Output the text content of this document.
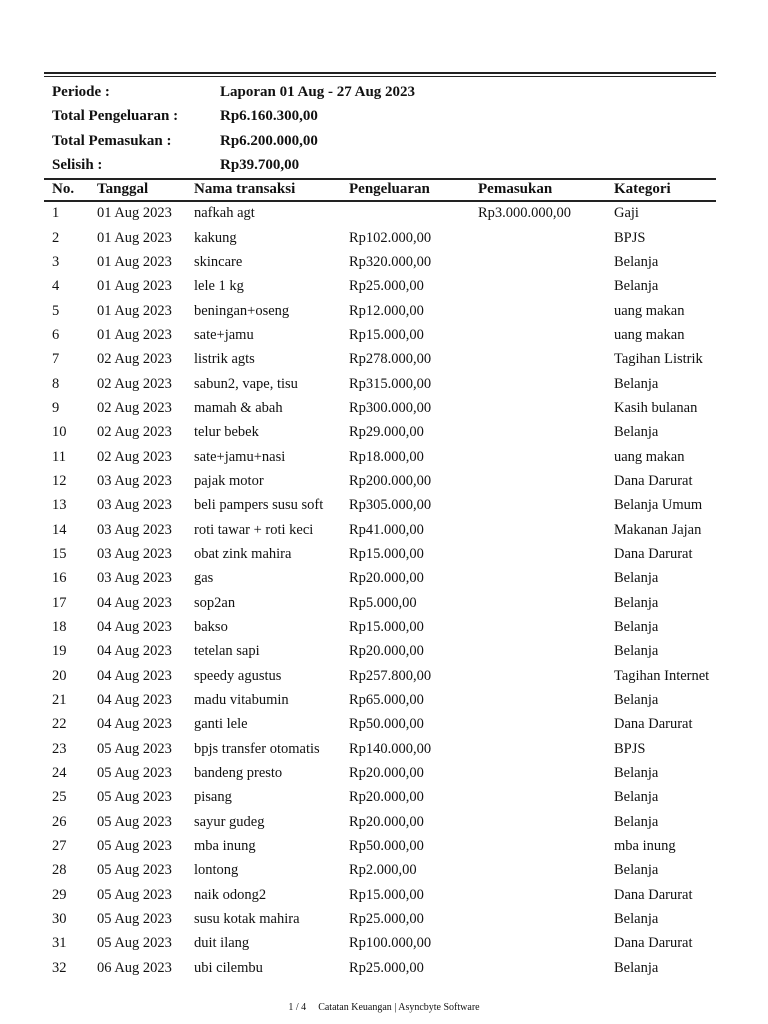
Periode :	Laporan 01 Aug - 27 Aug 2023
Total Pengeluaran :	Rp6.160.300,00
Total Pemasukan :	Rp6.200.000,00
Selisih :	Rp39.700,00
No.	Tanggal	Nama transaksi	Pengeluaran	Pemasukan	Kategori
1	01 Aug 2023	nafkah agt		Rp3.000.000,00	Gaji
2	01 Aug 2023	kakung	Rp102.000,00		BPJS
3	01 Aug 2023	skincare	Rp320.000,00		Belanja
4	01 Aug 2023	lele 1 kg	Rp25.000,00		Belanja
5	01 Aug 2023	beningan+oseng	Rp12.000,00		uang makan
6	01 Aug 2023	sate+jamu	Rp15.000,00		uang makan
7	02 Aug 2023	listrik agts	Rp278.000,00		Tagihan Listrik
8	02 Aug 2023	sabun2, vape, tisu	Rp315.000,00		Belanja
9	02 Aug 2023	mamah & abah	Rp300.000,00		Kasih bulanan
10	02 Aug 2023	telur bebek	Rp29.000,00		Belanja
11	02 Aug 2023	sate+jamu+nasi	Rp18.000,00		uang makan
12	03 Aug 2023	pajak motor	Rp200.000,00		Dana Darurat
13	03 Aug 2023	beli pampers susu soft	Rp305.000,00		Belanja Umum
14	03 Aug 2023	roti tawar + roti keci	Rp41.000,00		Makanan Jajan
15	03 Aug 2023	obat zink mahira	Rp15.000,00		Dana Darurat
16	03 Aug 2023	gas	Rp20.000,00		Belanja
17	04 Aug 2023	sop2an	Rp5.000,00		Belanja
18	04 Aug 2023	bakso	Rp15.000,00		Belanja
19	04 Aug 2023	tetelan sapi	Rp20.000,00		Belanja
20	04 Aug 2023	speedy agustus	Rp257.800,00		Tagihan Internet
21	04 Aug 2023	madu vitabumin	Rp65.000,00		Belanja
22	04 Aug 2023	ganti lele	Rp50.000,00		Dana Darurat
23	05 Aug 2023	bpjs transfer otomatis	Rp140.000,00		BPJS
24	05 Aug 2023	bandeng presto	Rp20.000,00		Belanja
25	05 Aug 2023	pisang	Rp20.000,00		Belanja
26	05 Aug 2023	sayur gudeg	Rp20.000,00		Belanja
27	05 Aug 2023	mba inung	Rp50.000,00		mba inung
28	05 Aug 2023	lontong	Rp2.000,00		Belanja
29	05 Aug 2023	naik odong2	Rp15.000,00		Dana Darurat
30	05 Aug 2023	susu kotak mahira	Rp25.000,00		Belanja
31	05 Aug 2023	duit ilang	Rp100.000,00		Dana Darurat
32	06 Aug 2023	ubi cilembu	Rp25.000,00		Belanja
1 / 4 Catatan Keuangan | Asyncbyte Software
